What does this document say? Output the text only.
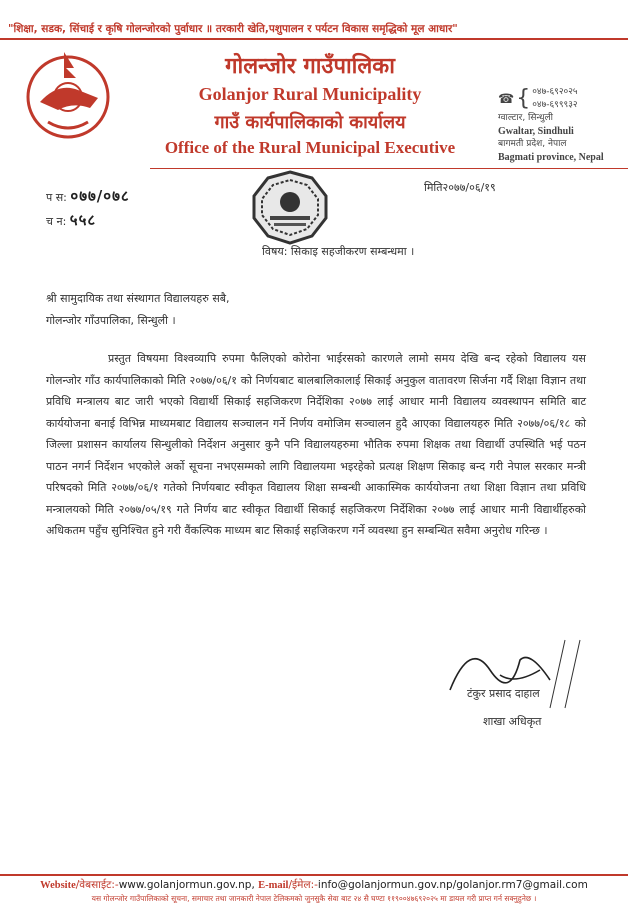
"शिक्षा, सडक, सिंचाई र कृषि गोलन्जोरको पुर्वाधार ॥ तरकारी खेति,पशुपालन र पर्यटन विकास समृद्धिको मूल आधार"
गोलन्जोर गाउँपालिका
Golanjor Rural Municipality
गाउँ कार्यपालिकाको कार्यालय
Office of the Rural Municipal Executive
☎ { ०४७-६९२०२५
०४७-६९९९३२
ग्वाल्टार, सिन्धुली
Gwaltar, Sindhuli
बागमती प्रदेश, नेपाल
Bagmati province, Nepal
प स: ०७७/०७८
च न: ५५८
मिति२०७७/०६/१९
विषय: सिकाइ सहजीकरण सम्बन्धमा ।
श्री सामुदायिक तथा संस्थागत विद्यालयहरु सबै,
गोलन्जोर गाँउपालिका, सिन्धुली ।
प्रस्तुत विषयमा विश्वव्यापि रुपमा फैलिएको कोरोना भाईरसको कारणले लामो समय देखि बन्द रहेको विद्यालय यस गोलन्जोर गाँउ कार्यपालिकाको मिति २०७७/०६/१ को निर्णयबाट बालबालिकालाई सिकाई अनुकुल वातावरण सिर्जना गर्दै शिक्षा विज्ञान तथा प्रविधि मन्त्रालय बाट जारी भएको विद्यार्थी सिकाई सहजिकरण निर्देशिका २०७७ लाई आधार मानी विद्यालय व्यवस्थापन समिति बाट कार्ययोजना बनाई विभिन्न माध्यमबाट विद्यालय सञ्चालन गर्ने निर्णय वमोजिम सञ्चालन हुदै आएका विद्यालयहरु मिति २०७७/०६/१८ को जिल्ला प्रशासन कार्यालय सिन्धुलीको निर्देशन अनुसार कुनै पनि विद्यालयहरुमा भौतिक रुपमा शिक्षक तथा विद्यार्थी उपस्थिति भई पठन पाठन नगर्न निर्देशन भएकोले अर्को सूचना नभएसम्मको लागि विद्यालयमा भइरहेको प्रत्यक्ष शिक्षण सिकाइ बन्द गरी नेपाल सरकार मन्त्री परिषदको मिति २०७७/०६/१ गतेको निर्णयबाट स्वीकृत विद्यालय शिक्षा सम्बन्धी आकास्मिक कार्ययोजना तथा शिक्षा विज्ञान तथा प्रविधि मन्त्रालयको मिति २०७७/०५/१९ गते निर्णय बाट स्वीकृत विद्यार्थी सिकाई सहजिकरण निर्देशिका २०७७ लाई आधार मानी विद्यार्थीहरुको अधिकतम पहुँच सुनिश्चित हुने गरी वैंकल्पिक माध्यम बाट सिकाई सहजिकरण गर्ने व्यवस्था हुन सम्बन्धित सवैमा अनुरोध गरिन्छ ।
टंकुर प्रसाद दाहाल
शाखा अधिकृत
Website/वेबसाईट:-www.golanjormun.gov.np, E-mail/ईमेल:-info@golanjormun.gov.np/golanjor.rm7@gmail.com
यस गोलन्जोर गाउँपालिकाको सूचना, समाचार तथा जानकारी नेपाल टेलिकमको जुनसुकै सेवा बाट २४ सै घण्टा ११९००४७६९२०२५ मा डायल गरी प्राप्त गर्न सक्नुहुनेछ ।
